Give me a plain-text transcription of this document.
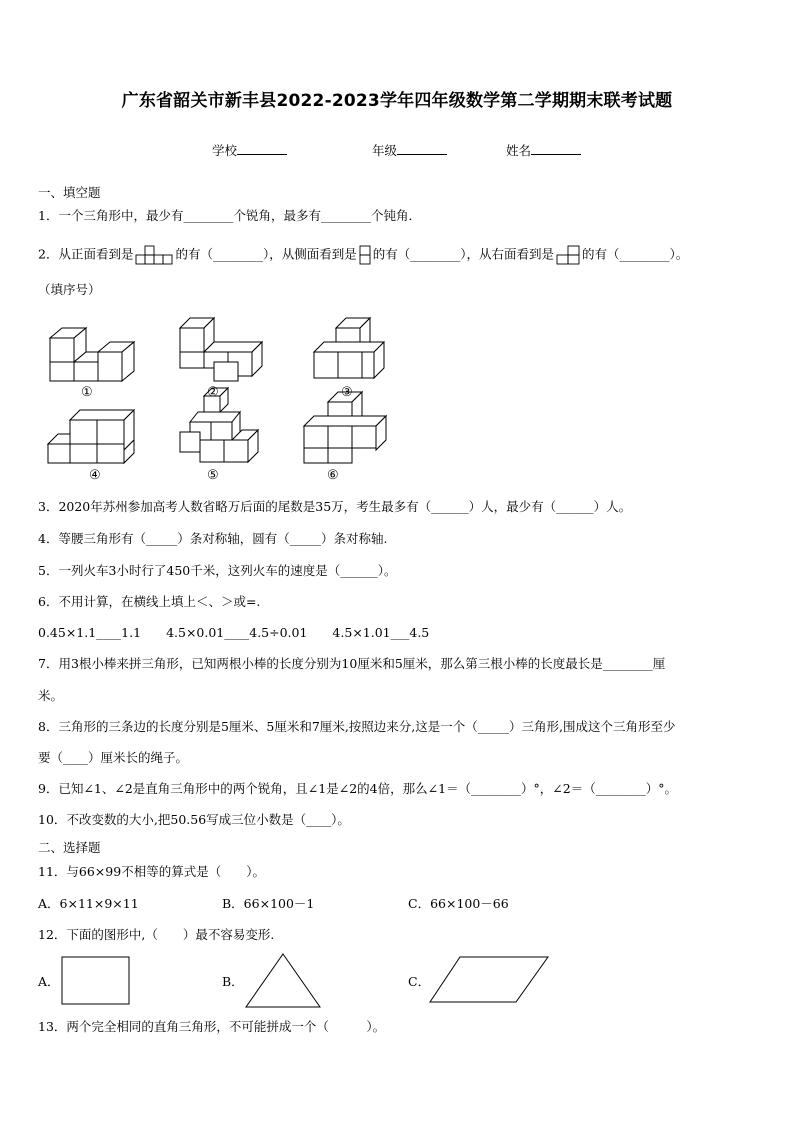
广东省韶关市新丰县2022-2023学年四年级数学第二学期期末联考试题
学校	年级	姓名
一、填空题
1．一个三角形中，最少有________个锐角，最多有________个钝角．
2．从正面看到是	的有（________），从侧面看到是 的有（________），从右面看到是 的有（________）。
（填序号）
①	②	③
④	⑤	⑥
3．2020年苏州参加高考人数省略万后面的尾数是35万，考生最多有（______）人，最少有（______）人。
4．等腰三角形有（_____）条对称轴，圆有（_____）条对称轴.
5．一列火车3小时行了450千米，这列火车的速度是（______）。
6．不用计算，在横线上填上＜、＞或=.
0.45×1.1____1.1　　4.5×0.01____4.5÷0.01　　4.5×1.01___4.5
7．用3根小棒来拼三角形，已知两根小棒的长度分别为10厘米和5厘米，那么第三根小棒的长度最长是________厘
米。
8．三角形的三条边的长度分别是5厘米、5厘米和7厘米,按照边来分,这是一个（_____）三角形,围成这个三角形至少
要（____）厘米长的绳子。
9．已知∠1、∠2是直角三角形中的两个锐角，且∠1是∠2的4倍，那么∠1＝（________）°，∠2＝（________）°。
10．不改变数的大小,把50.56写成三位小数是（____）。
二、选择题
11．与66×99不相等的算式是（　　）。
A．6×11×9×11	B．66×100－1	C．66×100－66
12．下面的图形中,（　　）最不容易变形.
A．	B．	C．
13．两个完全相同的直角三角形，不可能拼成一个（　　　）。
